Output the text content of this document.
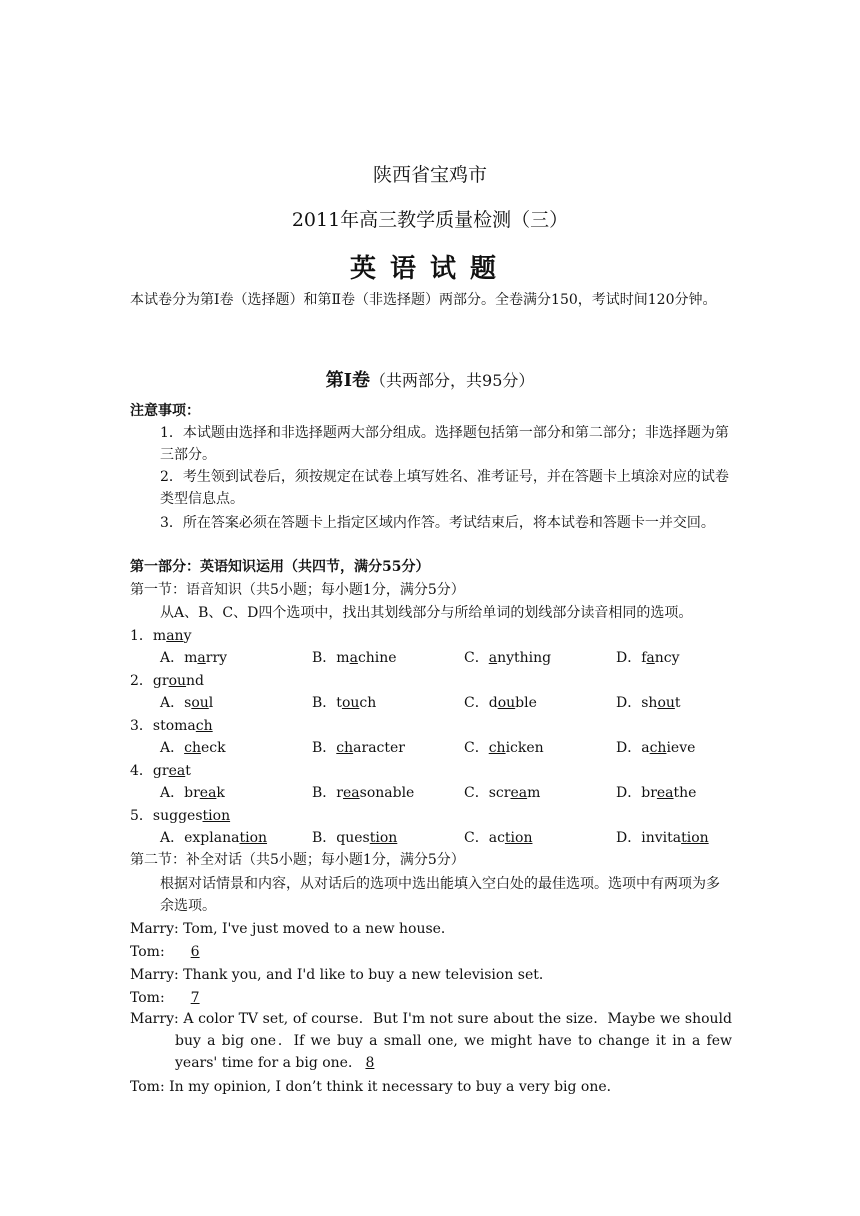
陕西省宝鸡市
2011年高三教学质量检测（三）
英语试题
本试卷分为第Ⅰ卷（选择题）和第Ⅱ卷（非选择题）两部分。全卷满分150，考试时间120分钟。
第Ⅰ卷（共两部分，共95分）
注意事项：
1．本试题由选择和非选择题两大部分组成。选择题包括第一部分和第二部分；非选择题为第三部分。
2．考生领到试卷后，须按规定在试卷上填写姓名、准考证号，并在答题卡上填涂对应的试卷类型信息点。
3．所在答案必须在答题卡上指定区域内作答。考试结束后，将本试卷和答题卡一并交回。
第一部分：英语知识运用（共四节，满分55分）
第一节：语音知识（共5小题；每小题1分，满分5分）
从A、B、C、D四个选项中，找出其划线部分与所给单词的划线部分读音相同的选项。
1．many
A．marry	B．machine	C．anything	D．fancy
2．ground
A．soul	B．touch	C．double	D．shout
3．stomach
A．check	B．character	C．chicken	D．achieve
4．great
A．break	B．reasonable	C．scream	D．breathe
5．suggestion
A．explanation	B．question	C．action	D．invitation
第二节：补全对话（共5小题；每小题1分，满分5分）
根据对话情景和内容，从对话后的选项中选出能填入空白处的最佳选项。选项中有两项为多余选项。
Marry: Tom, I've just moved to a new house．
Tom: 6
Marry: Thank you, and I'd like to buy a new television set．
Tom: 7
Marry: A color TV set, of course．But I'm not sure about the size．Maybe we should buy a big one．If we buy a small one, we might have to change it in a few years' time for a big one． 8
Tom: In my opinion, I don’t think it necessary to buy a very big one．
